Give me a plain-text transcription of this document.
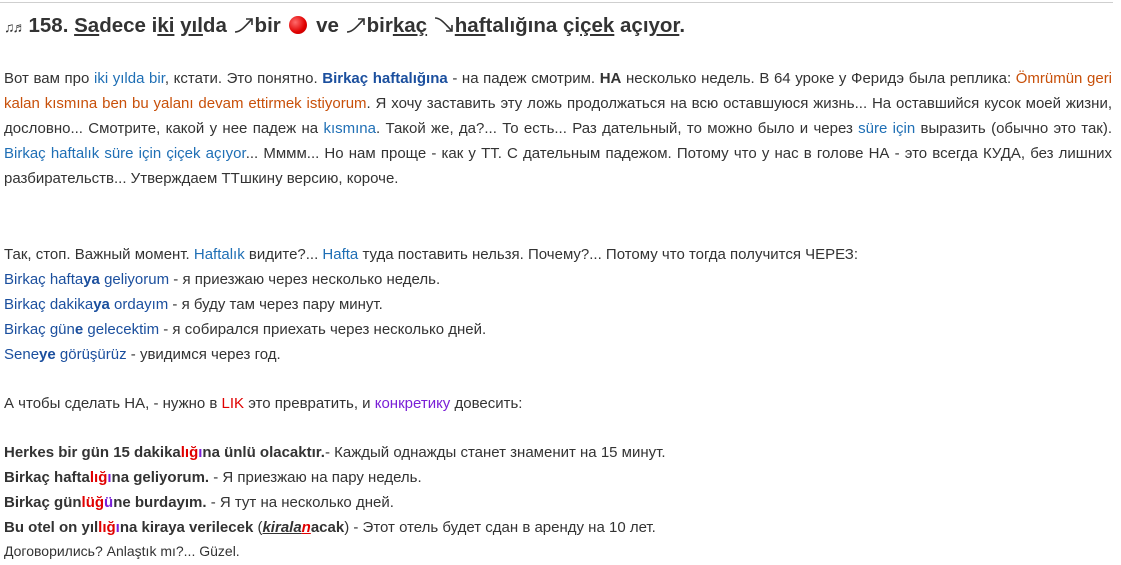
♫♬ 158. Sadece iki yılda
bir  ve
birkaç haftalığına çiçek açıyor.

Вот вам про iki yılda bir, кстати. Это понятно. Birkaç haftalığına - на падеж смотрим. НА несколько недель. В 64 уроке у Феридэ была реплика: Ömrümün geri kalan kısmına ben bu yalanı devam ettirmek istiyorum. Я хочу заставить эту ложь продолжаться на всю оставшуюся жизнь... На оставшийся кусок моей жизни, дословно... Смотрите, какой у нее падеж на kısmına. Такой же, да?... То есть... Раз дательный, то можно было и через süre için выразить (обычно это так). Birkaç haftalık süre için çiçek açıyor... Мммм... Но нам проще - как у ТТ. С дательным падежом. Потому что у нас в голове НА - это всегда КУДА, без лишних разбирательств... Утверждаем ТТшкину версию, короче.

Так, стоп. Важный момент. Haftalık видите?... Hafta туда поставить нельзя. Почему?... Потому что тогда получится ЧЕРЕЗ:

Birkaç haftaya geliyorum - я приезжаю через несколько недель.

Birkaç dakikaya ordayım - я буду там через пару минут.

Birkaç güne gelecektim - я собирался приехать через несколько дней.

Seneye görüşürüz - увидимся через год.

А чтобы сделать НА, - нужно в LIK это превратить, и конкретику довесить:

Herkes bir gün 15 dakikalığına ünlü olacaktır.- Каждый однажды станет знаменит на 15 минут.

Birkaç haftalığına geliyorum. - Я приезжаю на пару недель.

Birkaç günlüğüne burdayım. - Я тут на несколько дней.

Bu otel on yıllığına kiraya verilecek (kiralanacak) - Этот отель будет сдан в аренду на 10 лет.

Договорились? Anlaştık mı?... Güzel.
